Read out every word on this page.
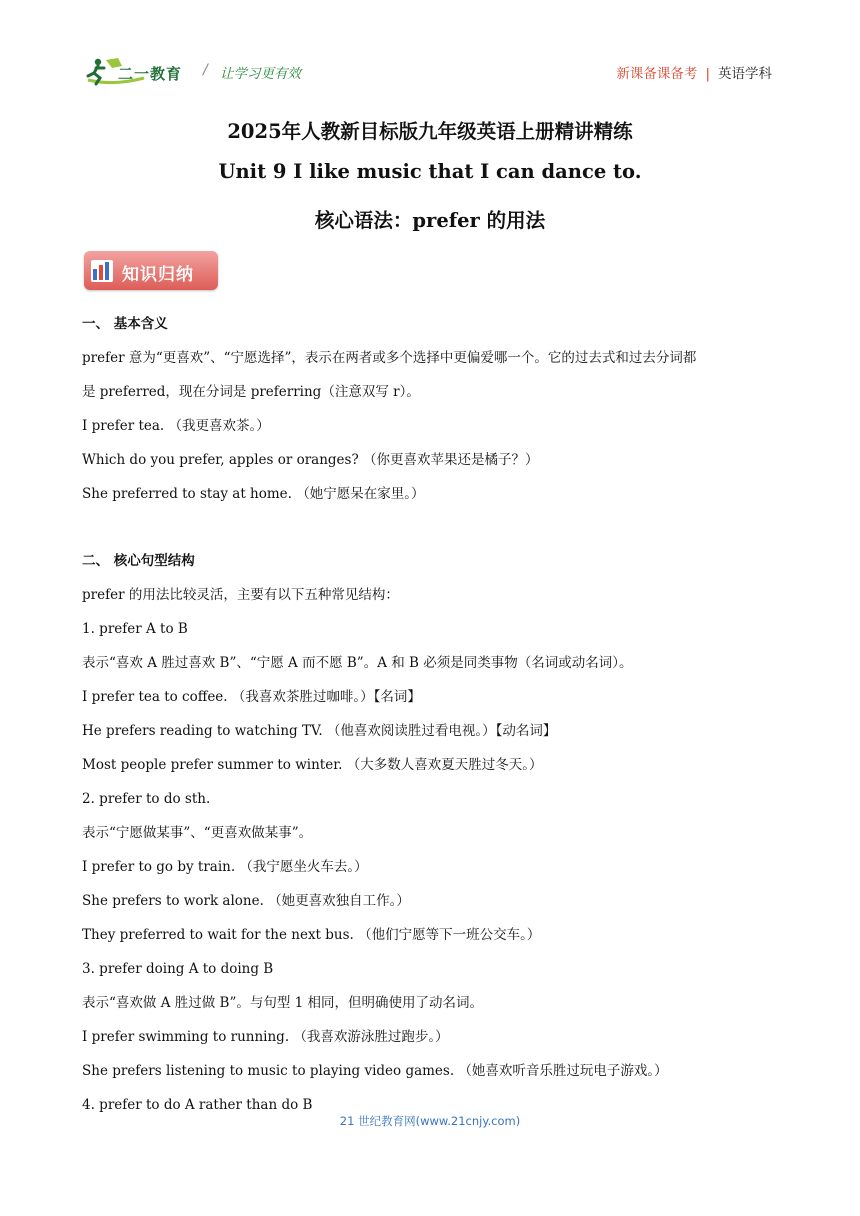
二一教育 / 让学习更有效	新课备课备考 | 英语学科
2025年人教新目标版九年级英语上册精讲精练
Unit 9 I like music that I can dance to.
核心语法：prefer 的用法
知识归纳
一、 基本含义
prefer 意为“更喜欢”、“宁愿选择”，表示在两者或多个选择中更偏爱哪一个。它的过去式和过去分词都
是 preferred，现在分词是 preferring（注意双写 r）。
I prefer tea. （我更喜欢茶。）
Which do you prefer, apples or oranges? （你更喜欢苹果还是橘子？）
She preferred to stay at home. （她宁愿呆在家里。）
二、 核心句型结构
prefer 的用法比较灵活，主要有以下五种常见结构：
1. prefer A to B
表示“喜欢 A 胜过喜欢 B”、“宁愿 A 而不愿 B”。A 和 B 必须是同类事物（名词或动名词）。
I prefer tea to coffee. （我喜欢茶胜过咖啡。）【名词】
He prefers reading to watching TV. （他喜欢阅读胜过看电视。）【动名词】
Most people prefer summer to winter. （大多数人喜欢夏天胜过冬天。）
2. prefer to do sth.
表示“宁愿做某事”、“更喜欢做某事”。
I prefer to go by train. （我宁愿坐火车去。）
She prefers to work alone. （她更喜欢独自工作。）
They preferred to wait for the next bus. （他们宁愿等下一班公交车。）
3. prefer doing A to doing B
表示“喜欢做 A 胜过做 B”。与句型 1 相同，但明确使用了动名词。
I prefer swimming to running. （我喜欢游泳胜过跑步。）
She prefers listening to music to playing video games. （她喜欢听音乐胜过玩电子游戏。）
4. prefer to do A rather than do B
21 世纪教育网(www.21cnjy.com)
